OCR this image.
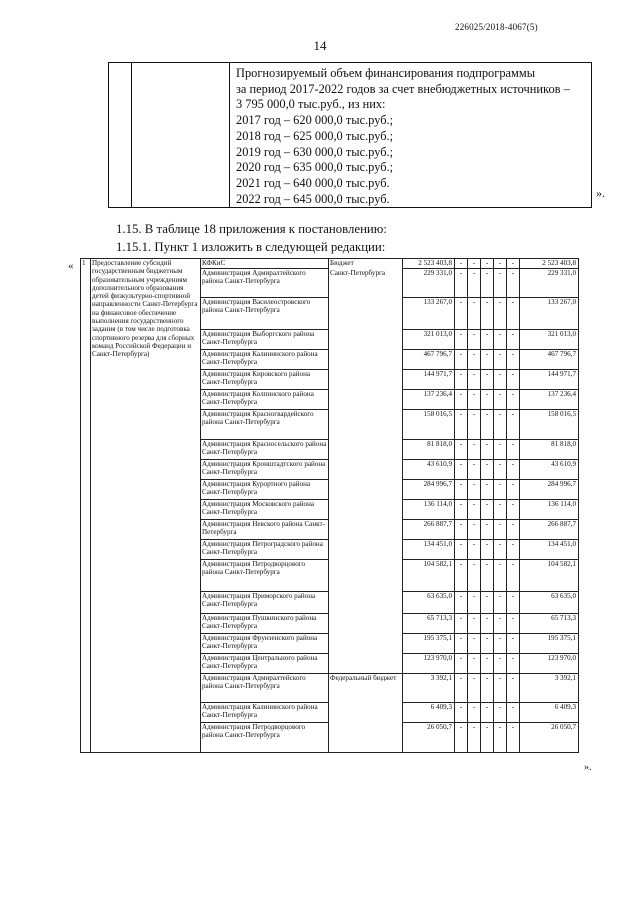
226025/2018-4067(5)
14

Прогнозируемый объем финансирования подпрограммы
за период 2017-2022 годов за счет внебюджетных источников –
3 795 000,0 тыс.руб., из них:
2017 год – 620 000,0 тыс.руб.;
2018 год – 625 000,0 тыс.руб.;
2019 год – 630 000,0 тыс.руб.;
2020 год – 635 000,0 тыс.руб.;
2021 год – 640 000,0 тыс.руб.
2022 год – 645 000,0 тыс.руб.	».
1.15. В таблице 18 приложения к постановлению:
1.15.1. Пункт 1 изложить в следующей редакции:
« 1	Предоставление субсидий государственным бюджетным образовательным учреждениям дополнительного образования детей физкультурно-спортивной направленности Санкт-Петербурга на финансовое обеспечение выполнения государственного задания (в том числе подготовка спортивного резерва для сборных команд Российской Федерации и Санкт-Петербурга)	КФКиС	Бюджет	2 523 403,8	-	-	-	-	-	2 523 403,8
		Администрация Адмиралтейского района Санкт-Петербурга	Санкт-Петербурга	229 331,0	-	-	-	-	-	229 331,0
		Администрация Василеостровского района Санкт-Петербурга		133 267,0	-	-	-	-	-	133 267,0
		Администрация Выборгского района Санкт-Петербурга		321 013,0	-	-	-	-	-	321 013,0
		Администрация Калининского района Санкт-Петербурга		467 796,7	-	-	-	-	-	467 796,7
		Администрация Кировского района Санкт-Петербурга		144 971,7	-	-	-	-	-	144 971,7
		Администрация Колпинского района Санкт-Петербурга		137 236,4	-	-	-	-	-	137 236,4
		Администрация Красногвардейского района Санкт-Петербурга		158 016,5	-	-	-	-	-	158 016,5
		Администрация Красносельского района Санкт-Петербурга		81 818,0	-	-	-	-	-	81 818,0
		Администрация Кронштадтского района Санкт-Петербурга		43 610,9	-	-	-	-	-	43 610,9
		Администрация Курортного района Санкт-Петербурга		284 996,7	-	-	-	-	-	284 996,7
		Администрация Московского района Санкт-Петербурга		136 114,0	-	-	-	-	-	136 114,0
		Администрация Невского района Санкт-Петербурга		266 887,7	-	-	-	-	-	266 887,7
		Администрация Петроградского района Санкт-Петербурга		134 451,0	-	-	-	-	-	134 451,0
		Администрация Петродворцового района Санкт-Петербурга		104 582,1	-	-	-	-	-	104 582,1
		Администрация Приморского района Санкт-Петербурга		63 635,0	-	-	-	-	-	63 635,0
		Администрация Пушкинского района Санкт-Петербурга		65 713,3	-	-	-	-	-	65 713,3
		Администрация Фрунзенского района Санкт-Петербурга		195 375,1	-	-	-	-	-	195 375,1
		Администрация Центрального района Санкт-Петербурга		123 970,0	-	-	-	-	-	123 970,0
		Администрация Адмиралтейского района Санкт-Петербурга	Федеральный бюджет	3 392,1	-	-	-	-	-	3 392,1
		Администрация Калининского района Санкт-Петербурга		6 409,3	-	-	-	-	-	6 409,3
		Администрация Петродворцового района Санкт-Петербурга		26 050,7	-	-	-	-	-	26 050,7
».
